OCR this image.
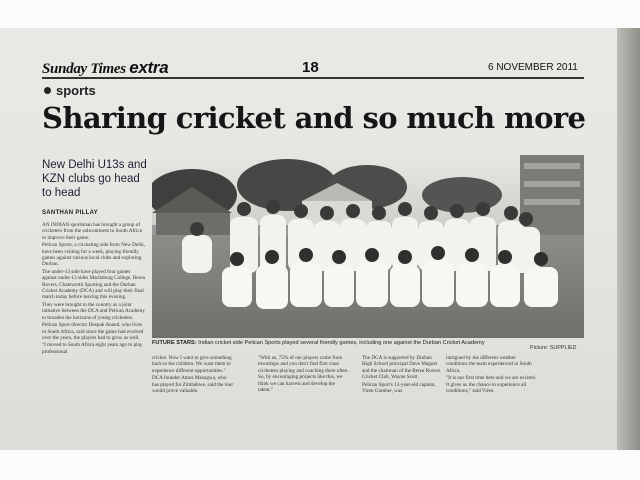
Sunday Times extra	18	6 NOVEMBER 2011
sports
Sharing cricket and so much more
New Delhi U13s and KZN clubs go head to head
SANTHAN PILLAY

AN INDIAN sportsman has brought a group of cricketers from the subcontinent to South Africa to improve their game.

Pelican Sports, a cricketing side from New Delhi, have been visiting for a week, playing friendly games against various local clubs and exploring Durban.

The under-13 side have played four games against under-13 sides Maritzburg College, Berea Rovers, Chatsworth Sporting and the Durban Cricket Academy (DCA) and will play their final match today before leaving this evening.

They were brought to the country as a joint initiative between the DCA and Pelican Academy to broaden the horizons of young cricketers.

Pelican Sport director Deepak Anand, who lives in South Africa, said since the game had evolved over the years, the players had to grow as well.

"I moved to South Africa eight years ago to play professional

FUTURE STARS: Indian cricket side Pelican Sports played several friendly games, including one against the Durban Cricket Academy
Picture: SUPPLIED

cricket. Now I want to give something back to the children. We want them to experience different opportunities."

DCA founder Amos Masugwa, who has played for Zimbabwe, said the tour would prove valuable.

"With us, 75% of our players come from townships and you don't find first class cricketers playing and coaching there often. So, by encouraging projects like this, we think we can harvest and develop the talent."

The DCA is supported by Durban High School principal Dave Magner and the chairman of the Berea Rovers Cricket Club, Wayne Scott.

Pelican Sport's 13-year-old captain, Viren Gumber, was

intrigued by the different weather conditions the team experienced in South Africa.

"It is our first time here and we are excited. It gives us the chance to experience all conditions," said Viren.
